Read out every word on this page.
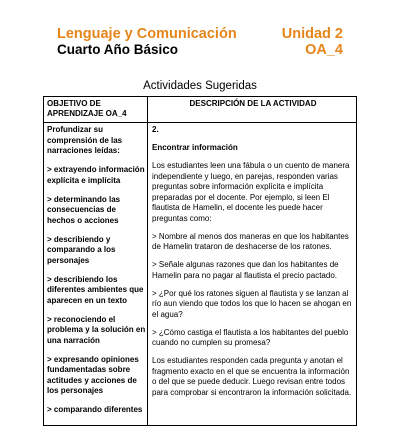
Lenguaje y Comunicación
Cuarto Año Básico
Unidad 2
OA_4
Actividades Sugeridas
OBJETIVO DE APRENDIZAJE OA_4
DESCRIPCIÓN DE LA ACTIVIDAD

Profundizar su comprensión de las narraciones leídas:

> extrayendo información explícita e implícita

> determinando las consecuencias de hechos o acciones

> describiendo y comparando a los personajes

> describiendo los diferentes ambientes que aparecen en un texto

> reconociendo el problema y la solución en una narración

> expresando opiniones fundamentadas sobre actitudes y acciones de los personajes

> comparando diferentes

2.

Encontrar información

Los estudiantes leen una fábula o un cuento de manera independiente y luego, en parejas, responden varias preguntas sobre información explícita e implícita preparadas por el docente. Por ejemplo, si leen El flautista de Hamelin, el docente les puede hacer preguntas como:

> Nombre al menos dos maneras en que los habitantes de Hamelin trataron de deshacerse de los ratones.

> Señale algunas razones que dan los habitantes de Hamelin para no pagar al flautista el precio pactado.

> ¿Por qué los ratones siguen al flautista y se lanzan al río aun viendo que todos los que lo hacen se ahogan en el agua?

> ¿Cómo castiga el flautista a los habitantes del pueblo cuando no cumplen su promesa?

Los estudiantes responden cada pregunta y anotan el fragmento exacto en el que se encuentra la información o del que se puede deducir. Luego revisan entre todos para comprobar si encontraron la información solicitada.
